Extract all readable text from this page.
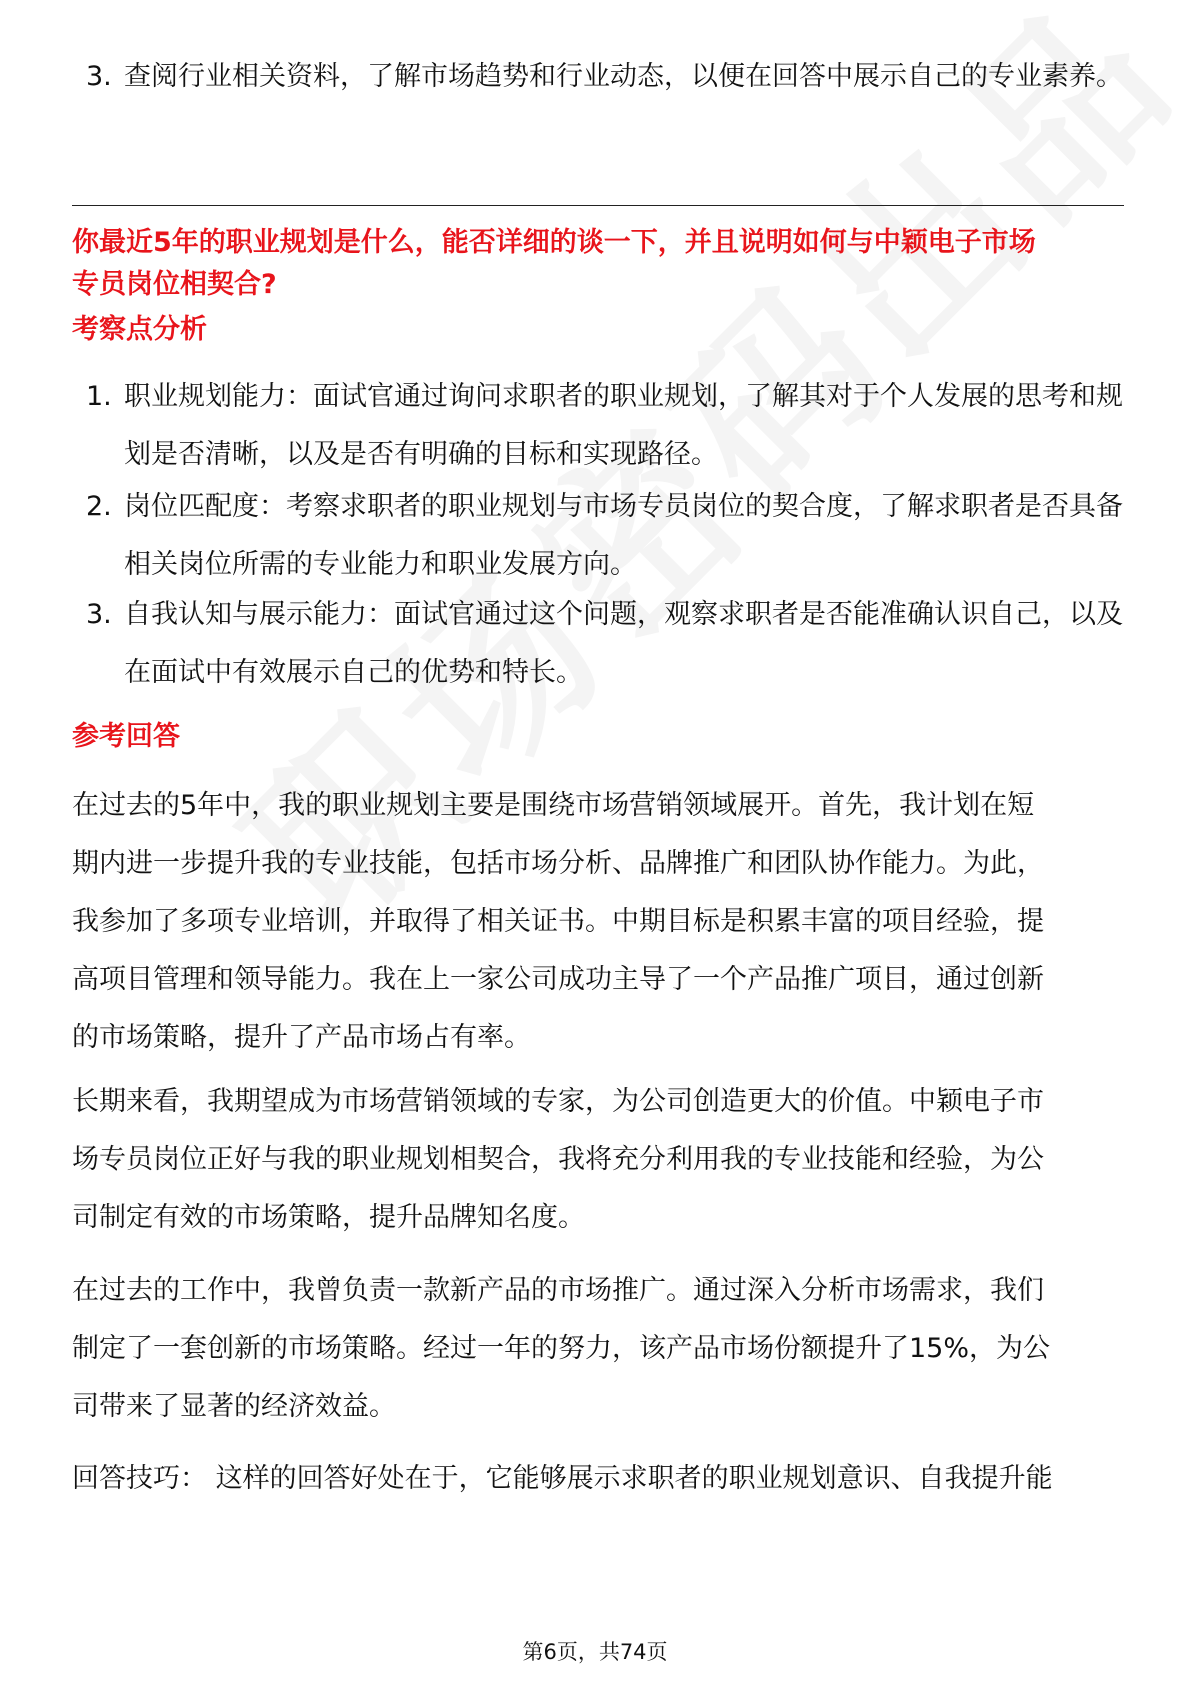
3. 查阅行业相关资料，了解市场趋势和行业动态，以便在回答中展示自己的专业素养。
你最近5年的职业规划是什么，能否详细的谈一下，并且说明如何与中颖电子市场专员岗位相契合?
考察点分析
1. 职业规划能力：面试官通过询问求职者的职业规划，了解其对于个人发展的思考和规划是否清晰，以及是否有明确的目标和实现路径。
2. 岗位匹配度：考察求职者的职业规划与市场专员岗位的契合度，了解求职者是否具备相关岗位所需的专业能力和职业发展方向。
3. 自我认知与展示能力：面试官通过这个问题，观察求职者是否能准确认识自己，以及在面试中有效展示自己的优势和特长。
参考回答
在过去的5年中，我的职业规划主要是围绕市场营销领域展开。首先，我计划在短期内进一步提升我的专业技能，包括市场分析、品牌推广和团队协作能力。为此，我参加了多项专业培训，并取得了相关证书。中期目标是积累丰富的项目经验，提高项目管理和领导能力。我在上一家公司成功主导了一个产品推广项目，通过创新的市场策略，提升了产品市场占有率。
长期来看，我期望成为市场营销领域的专家，为公司创造更大的价值。中颖电子市场专员岗位正好与我的职业规划相契合，我将充分利用我的专业技能和经验，为公司制定有效的市场策略，提升品牌知名度。
在过去的工作中，我曾负责一款新产品的市场推广。通过深入分析市场需求，我们制定了一套创新的市场策略。经过一年的努力，该产品市场份额提升了15%，为公司带来了显著的经济效益。
回答技巧： 这样的回答好处在于，它能够展示求职者的职业规划意识、自我提升能
第6页，共74页
